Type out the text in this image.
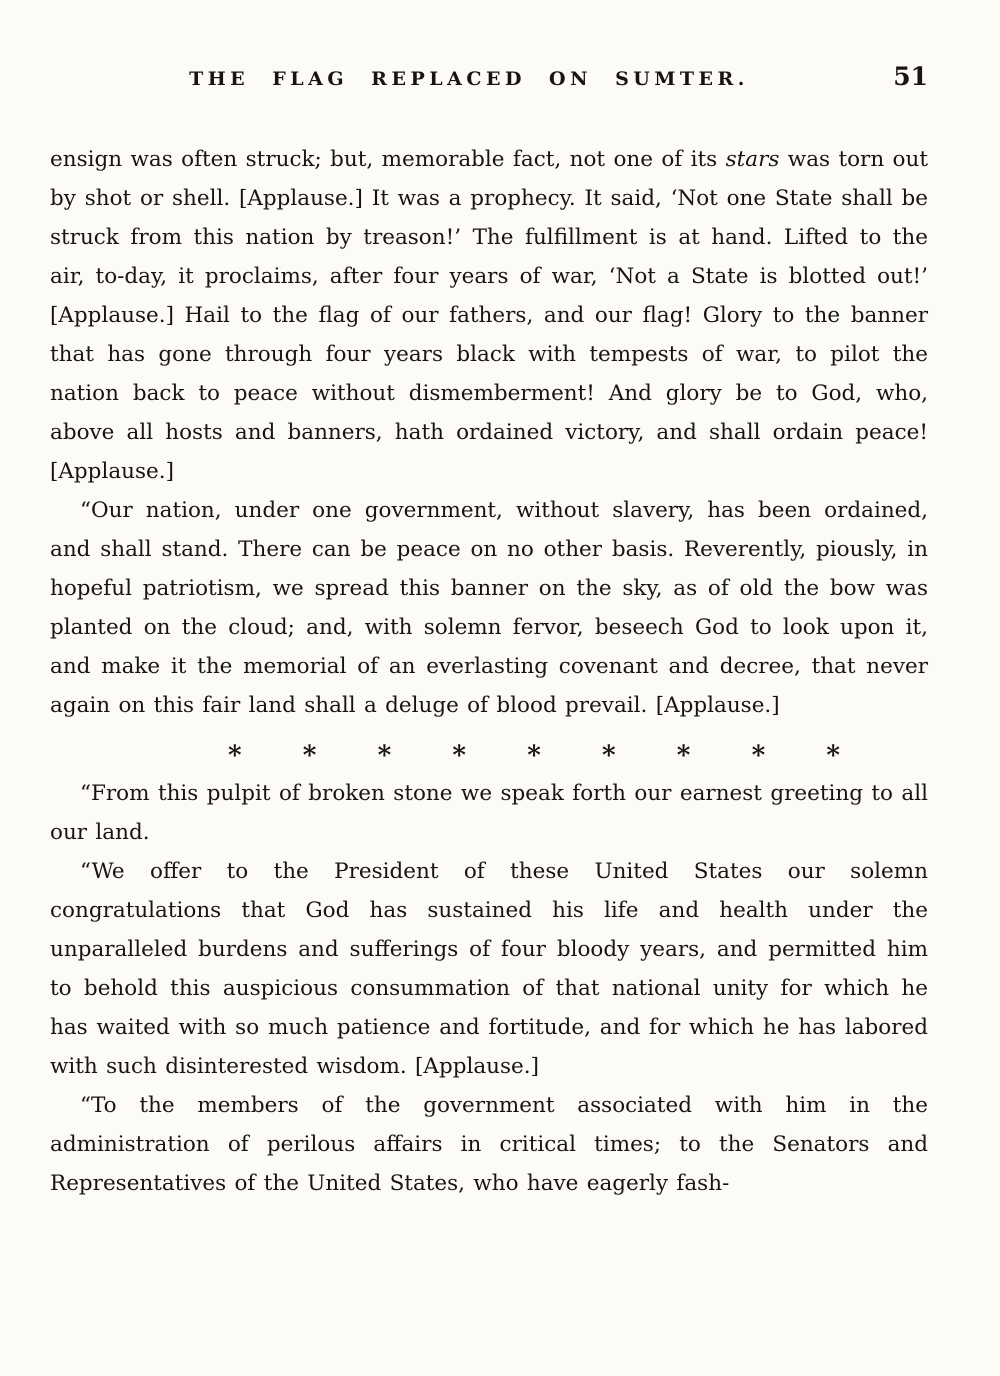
THE FLAG REPLACED ON SUMTER.	51

ensign was often struck; but, memorable fact, not one of its stars was torn out by shot or shell. [Applause.] It was a prophecy. It said, ‘Not one State shall be struck from this nation by treason!’ The fulfillment is at hand. Lifted to the air, to-day, it proclaims, after four years of war, ‘Not a State is blotted out!’ [Applause.] Hail to the flag of our fathers, and our flag! Glory to the banner that has gone through four years black with tempests of war, to pilot the nation back to peace without dismemberment! And glory be to God, who, above all hosts and banners, hath ordained victory, and shall ordain peace! [Applause.]

“Our nation, under one government, without slavery, has been ordained, and shall stand. There can be peace on no other basis. Reverently, piously, in hopeful patriotism, we spread this banner on the sky, as of old the bow was planted on the cloud; and, with solemn fervor, beseech God to look upon it, and make it the memorial of an everlasting covenant and decree, that never again on this fair land shall a deluge of blood prevail. [Applause.]

* * * * * * * * *

“From this pulpit of broken stone we speak forth our earnest greeting to all our land.

“We offer to the President of these United States our solemn congratulations that God has sustained his life and health under the unparalleled burdens and sufferings of four bloody years, and permitted him to behold this auspicious consummation of that national unity for which he has waited with so much patience and fortitude, and for which he has labored with such disinterested wisdom. [Applause.]

“To the members of the government associated with him in the administration of perilous affairs in critical times; to the Senators and Representatives of the United States, who have eagerly fash-
